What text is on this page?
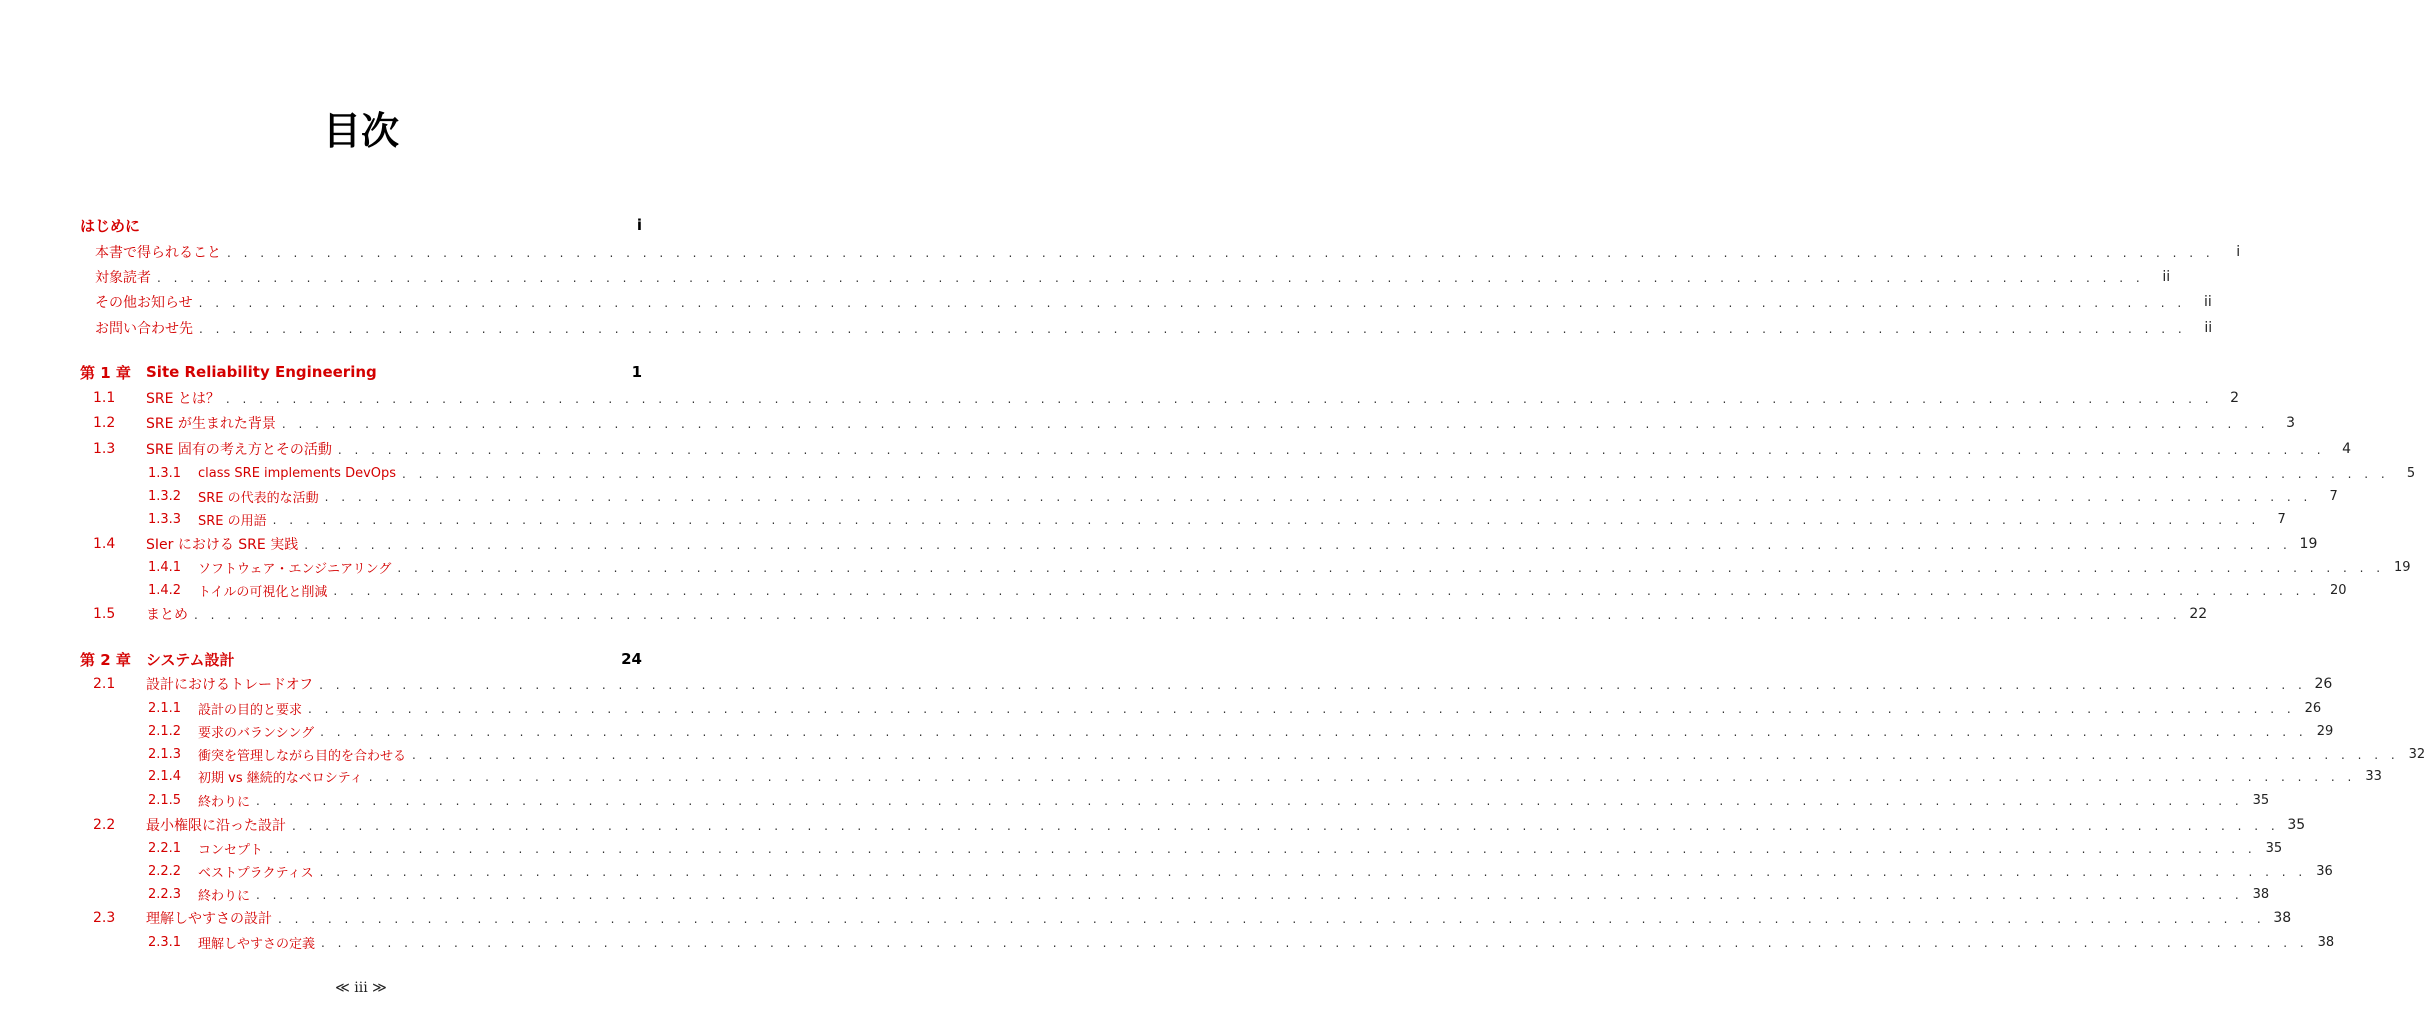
目次
はじめに	i
本書で得られること . . . . . . . . . . . . . . . . . . . . . . . . . . . . . . . . . . . . . . . . . . . . . . . . . . . . . . . . . . . . . . . . . . . . . . . . . . . . . . . . . . . . . . . . . . . . . . . . . . . . . . . . . . . . . . . . . . . . . . . .	i
対象読者 . . . . . . . . . . . . . . . . . . . . . . . . . . . . . . . . . . . . . . . . . . . . . . . . . . . . . . . . . . . . . . . . . . . . . . . . . . . . . . . . . . . . . . . . . . . . . . . . . . . . . . . . . . . . . . . . . . . . . . . .	ii
その他お知らせ . . . . . . . . . . . . . . . . . . . . . . . . . . . . . . . . . . . . . . . . . . . . . . . . . . . . . . . . . . . . . . . . . . . . . . . . . . . . . . . . . . . . . . . . . . . . . . . . . . . . . . . . . . . . . . . . . . . . . . . .	ii
お問い合わせ先 . . . . . . . . . . . . . . . . . . . . . . . . . . . . . . . . . . . . . . . . . . . . . . . . . . . . . . . . . . . . . . . . . . . . . . . . . . . . . . . . . . . . . . . . . . . . . . . . . . . . . . . . . . . . . . . . . . . . . . . .	ii
第 1 章	Site Reliability Engineering	1
1.1	SRE とは？ . . . . . . . . . . . . . . . . . . . . . . . . . . . . . . . . . . . . . . . . . . . . . . . . . . . . . . . . . . . . . . . . . . . . . . . . . . . . . . . . . . . . . . . . . . . . . . . . . . . . . . . . . . . . . . . . . . . . . . . .	2
1.2	SRE が生まれた背景 . . . . . . . . . . . . . . . . . . . . . . . . . . . . . . . . . . . . . . . . . . . . . . . . . . . . . . . . . . . . . . . . . . . . . . . . . . . . . . . . . . . . . . . . . . . . . . . . . . . . . . . . . . . . . . . . . . . . . . . .	3
1.3	SRE 固有の考え方とその活動 . . . . . . . . . . . . . . . . . . . . . . . . . . . . . . . . . . . . . . . . . . . . . . . . . . . . . . . . . . . . . . . . . . . . . . . . . . . . . . . . . . . . . . . . . . . . . . . . . . . . . . . . . . . . . . . . . . . . . . . .	4
1.3.1	class SRE implements DevOps . . . . . . . . . . . . . . . . . . . . . . . . . . . . . . . . . . . . . . . . . . . . . . . . . . . . . . . . . . . . . . . . . . . . . . . . . . . . . . . . . . . . . . . . . . . . . . . . . . . . . . . . . . . . . . . . . . . . . . . .	5
1.3.2	SRE の代表的な活動 . . . . . . . . . . . . . . . . . . . . . . . . . . . . . . . . . . . . . . . . . . . . . . . . . . . . . . . . . . . . . . . . . . . . . . . . . . . . . . . . . . . . . . . . . . . . . . . . . . . . . . . . . . . . . . . . . . . . . . . .	7
1.3.3	SRE の用語 . . . . . . . . . . . . . . . . . . . . . . . . . . . . . . . . . . . . . . . . . . . . . . . . . . . . . . . . . . . . . . . . . . . . . . . . . . . . . . . . . . . . . . . . . . . . . . . . . . . . . . . . . . . . . . . . . . . . . . . .	7
1.4	SIer における SRE 実践 . . . . . . . . . . . . . . . . . . . . . . . . . . . . . . . . . . . . . . . . . . . . . . . . . . . . . . . . . . . . . . . . . . . . . . . . . . . . . . . . . . . . . . . . . . . . . . . . . . . . . . . . . . . . . . . . . . . . . . . . 19
1.4.1	ソフトウェア・エンジニアリング . . . . . . . . . . . . . . . . . . . . . . . . . . . . . . . . . . . . . . . . . . . . . . . . . . . . . . . . . . . . . . . . . . . . . . . . . . . . . . . . . . . . . . . . . . . . . . . . . . . . . . . . . . . . . . . . . . . . . . . . 19
1.4.2	トイルの可視化と削減 . . . . . . . . . . . . . . . . . . . . . . . . . . . . . . . . . . . . . . . . . . . . . . . . . . . . . . . . . . . . . . . . . . . . . . . . . . . . . . . . . . . . . . . . . . . . . . . . . . . . . . . . . . . . . . . . . . . . . . . . 20
1.5	まとめ . . . . . . . . . . . . . . . . . . . . . . . . . . . . . . . . . . . . . . . . . . . . . . . . . . . . . . . . . . . . . . . . . . . . . . . . . . . . . . . . . . . . . . . . . . . . . . . . . . . . . . . . . . . . . . . . . . . . . . . . 22
第 2 章	システム設計	24
2.1	設計におけるトレードオフ . . . . . . . . . . . . . . . . . . . . . . . . . . . . . . . . . . . . . . . . . . . . . . . . . . . . . . . . . . . . . . . . . . . . . . . . . . . . . . . . . . . . . . . . . . . . . . . . . . . . . . . . . . . . . . . . . . . . . . . . 26
2.1.1	設計の目的と要求 . . . . . . . . . . . . . . . . . . . . . . . . . . . . . . . . . . . . . . . . . . . . . . . . . . . . . . . . . . . . . . . . . . . . . . . . . . . . . . . . . . . . . . . . . . . . . . . . . . . . . . . . . . . . . . . . . . . . . . . . 26
2.1.2	要求のバランシング . . . . . . . . . . . . . . . . . . . . . . . . . . . . . . . . . . . . . . . . . . . . . . . . . . . . . . . . . . . . . . . . . . . . . . . . . . . . . . . . . . . . . . . . . . . . . . . . . . . . . . . . . . . . . . . . . . . . . . . . 29
2.1.3	衝突を管理しながら目的を合わせる . . . . . . . . . . . . . . . . . . . . . . . . . . . . . . . . . . . . . . . . . . . . . . . . . . . . . . . . . . . . . . . . . . . . . . . . . . . . . . . . . . . . . . . . . . . . . . . . . . . . . . . . . . . . . . . . . . . . . . . . 32
2.1.4	初期 vs 継続的なベロシティ . . . . . . . . . . . . . . . . . . . . . . . . . . . . . . . . . . . . . . . . . . . . . . . . . . . . . . . . . . . . . . . . . . . . . . . . . . . . . . . . . . . . . . . . . . . . . . . . . . . . . . . . . . . . . . . . . . . . . . . . 33
2.1.5	終わりに . . . . . . . . . . . . . . . . . . . . . . . . . . . . . . . . . . . . . . . . . . . . . . . . . . . . . . . . . . . . . . . . . . . . . . . . . . . . . . . . . . . . . . . . . . . . . . . . . . . . . . . . . . . . . . . . . . . . . . . . 35
2.2	最小権限に沿った設計 . . . . . . . . . . . . . . . . . . . . . . . . . . . . . . . . . . . . . . . . . . . . . . . . . . . . . . . . . . . . . . . . . . . . . . . . . . . . . . . . . . . . . . . . . . . . . . . . . . . . . . . . . . . . . . . . . . . . . . . . 35
2.2.1	コンセプト . . . . . . . . . . . . . . . . . . . . . . . . . . . . . . . . . . . . . . . . . . . . . . . . . . . . . . . . . . . . . . . . . . . . . . . . . . . . . . . . . . . . . . . . . . . . . . . . . . . . . . . . . . . . . . . . . . . . . . . . 35
2.2.2	ベストプラクティス . . . . . . . . . . . . . . . . . . . . . . . . . . . . . . . . . . . . . . . . . . . . . . . . . . . . . . . . . . . . . . . . . . . . . . . . . . . . . . . . . . . . . . . . . . . . . . . . . . . . . . . . . . . . . . . . . . . . . . . . 36
2.2.3	終わりに . . . . . . . . . . . . . . . . . . . . . . . . . . . . . . . . . . . . . . . . . . . . . . . . . . . . . . . . . . . . . . . . . . . . . . . . . . . . . . . . . . . . . . . . . . . . . . . . . . . . . . . . . . . . . . . . . . . . . . . . 38
2.3	理解しやすさの設計 . . . . . . . . . . . . . . . . . . . . . . . . . . . . . . . . . . . . . . . . . . . . . . . . . . . . . . . . . . . . . . . . . . . . . . . . . . . . . . . . . . . . . . . . . . . . . . . . . . . . . . . . . . . . . . . . . . . . . . . . 38
2.3.1	理解しやすさの定義 . . . . . . . . . . . . . . . . . . . . . . . . . . . . . . . . . . . . . . . . . . . . . . . . . . . . . . . . . . . . . . . . . . . . . . . . . . . . . . . . . . . . . . . . . . . . . . . . . . . . . . . . . . . . . . . . . . . . . . . . 38
≪ iii ≫
